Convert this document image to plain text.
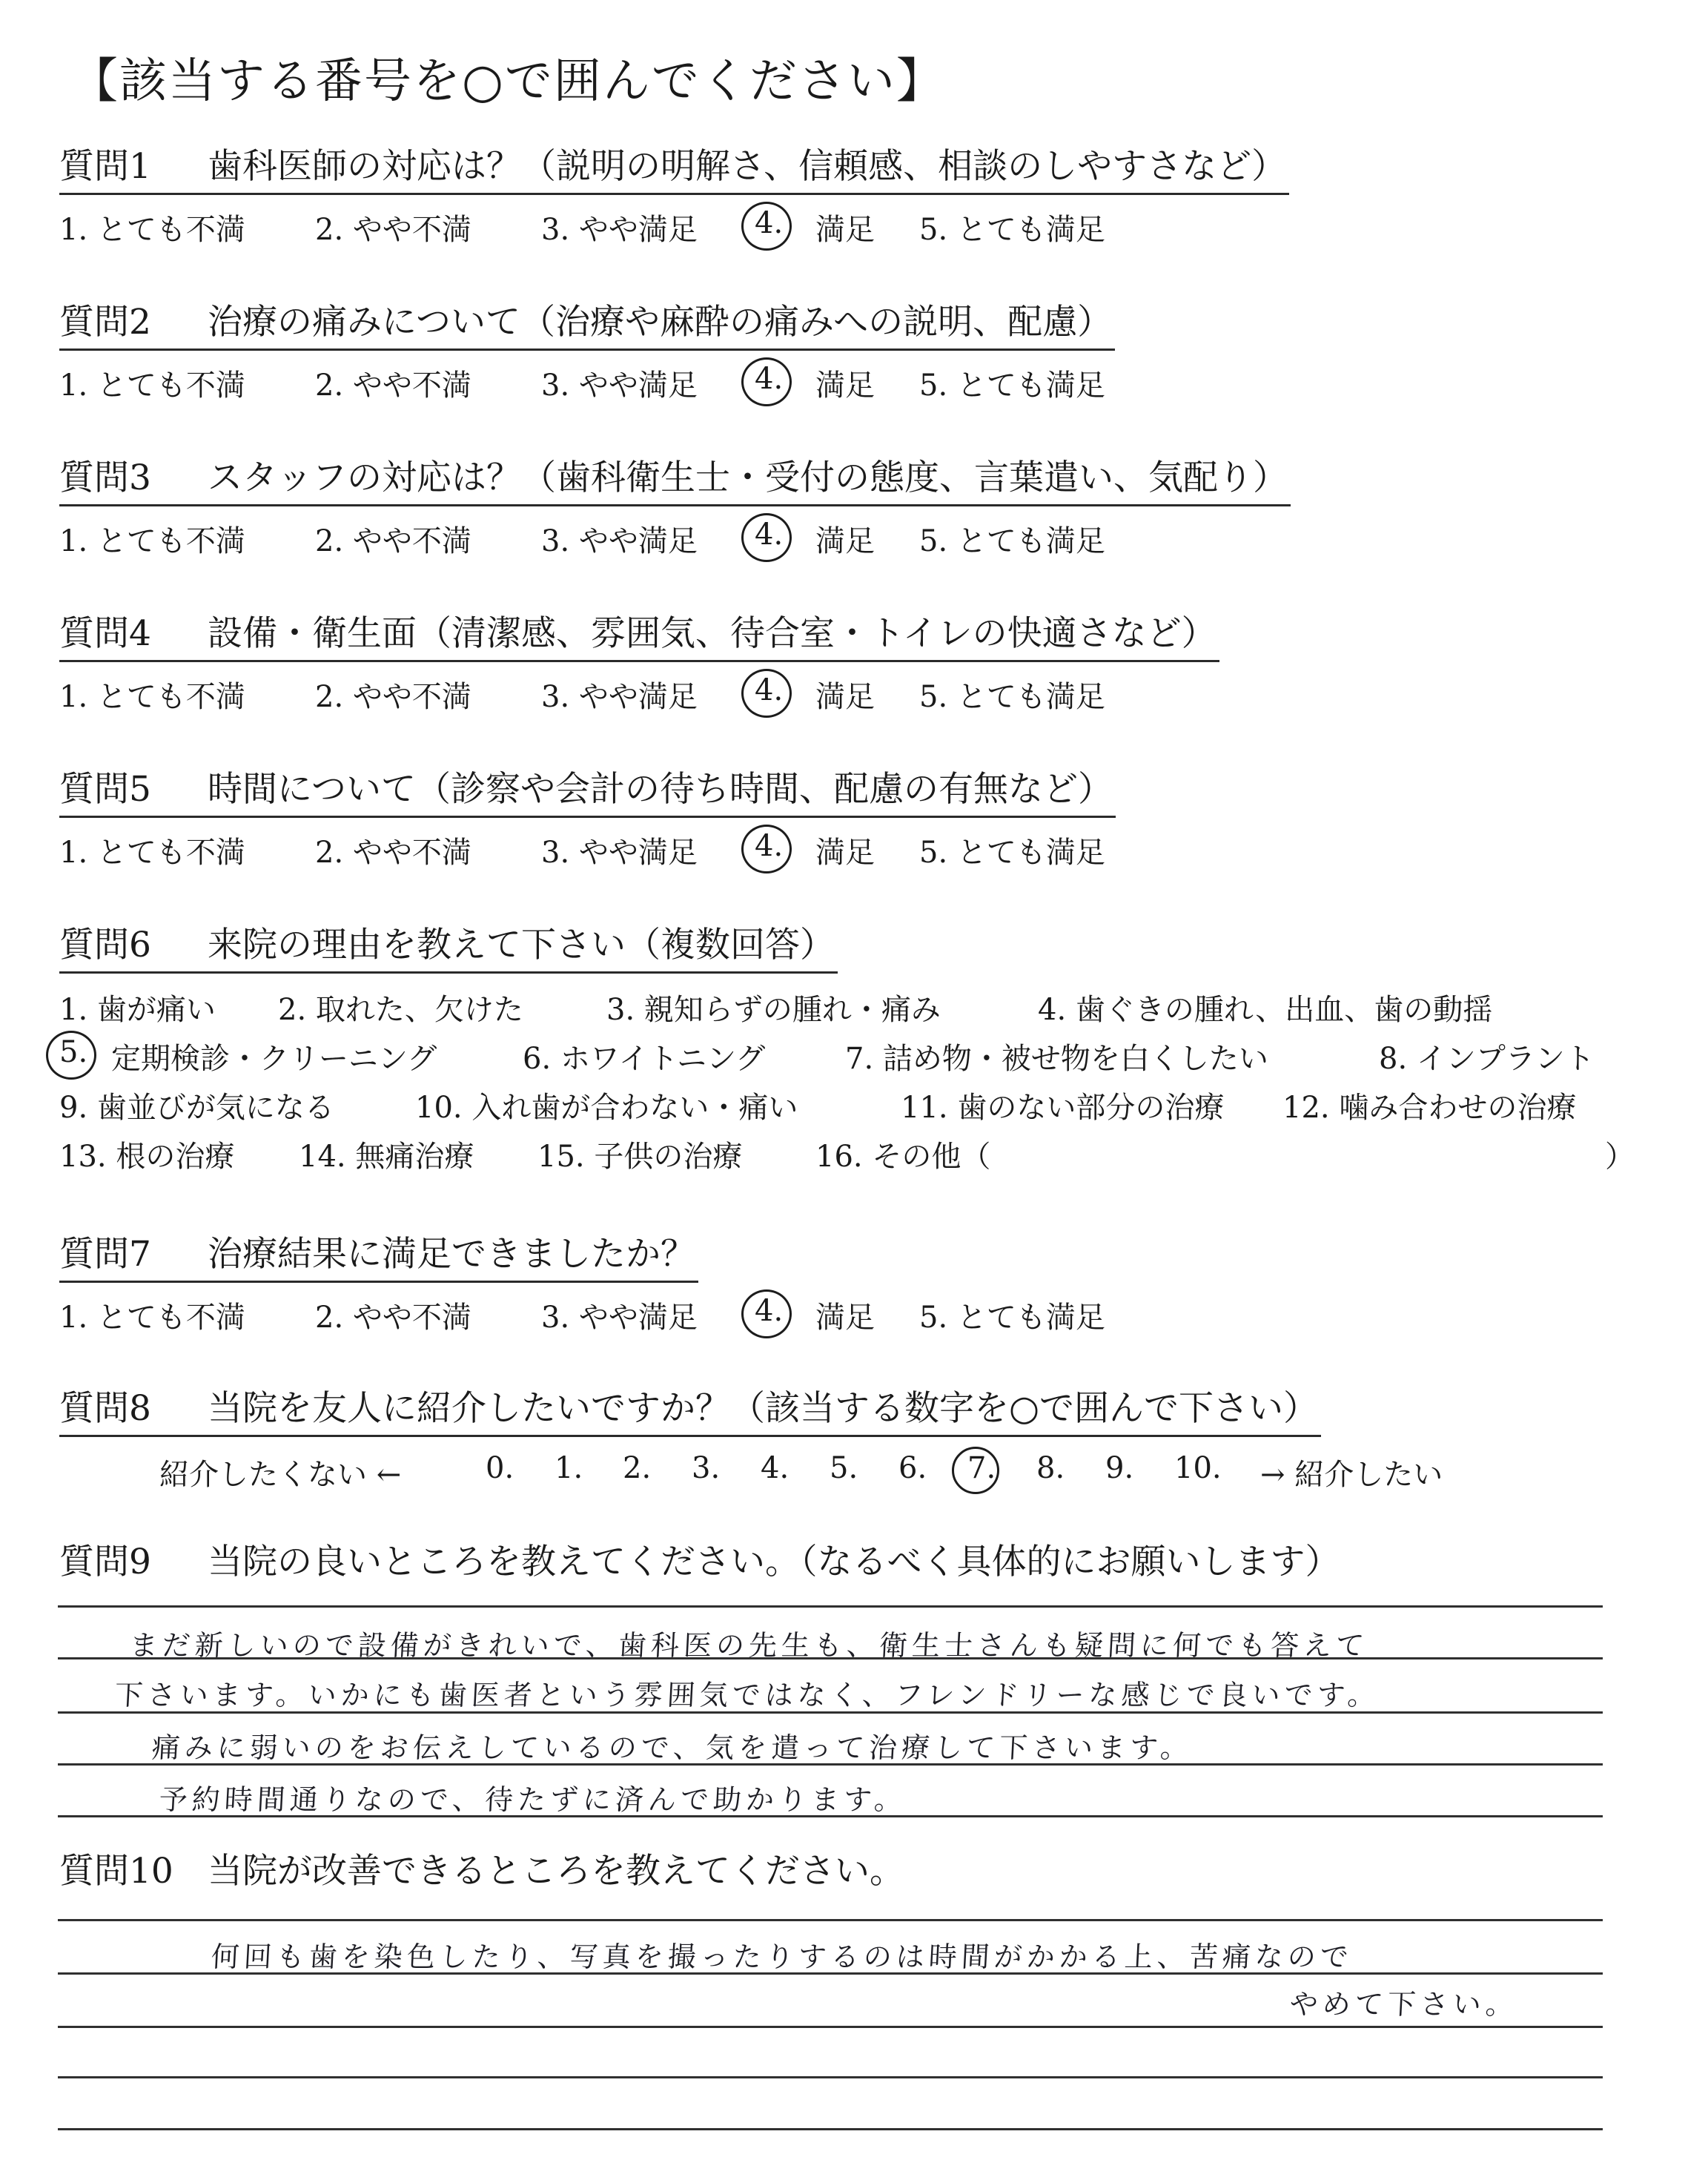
【該当する番号を○で囲んでください】
質問1 歯科医師の対応は？（説明の明解さ、信頼感、相談のしやすさなど）
1. とても不満 2. やや不満 3. やや満足 4. 満足 5. とても満足
質問2 治療の痛みについて（治療や麻酔の痛みへの説明、配慮）
1. とても不満 2. やや不満 3. やや満足 4. 満足 5. とても満足
質問3 スタッフの対応は？（歯科衛生士・受付の態度、言葉遣い、気配り）
1. とても不満 2. やや不満 3. やや満足 4. 満足 5. とても満足
質問4 設備・衛生面（清潔感、雰囲気、待合室・トイレの快適さなど）
1. とても不満 2. やや不満 3. やや満足 4. 満足 5. とても満足
質問5 時間について（診察や会計の待ち時間、配慮の有無など）
1. とても不満 2. やや不満 3. やや満足 4. 満足 5. とても満足
質問6 来院の理由を教えて下さい（複数回答）
1. 歯が痛い 2. 取れた、欠けた	3. 親知らずの腫れ・痛み	4. 歯ぐきの腫れ、出血、歯の動揺
5. 定期検診・クリーニング	6. ホワイトニング	7. 詰め物・被せ物を白くしたい	8. インプラント
9. 歯並びが気になる	10. 入れ歯が合わない・痛い	11. 歯のない部分の治療 12. 噛み合わせの治療
13. 根の治療 14. 無痛治療 15. 子供の治療 16. その他（	）
質問7 治療結果に満足できましたか？
1. とても不満 2. やや不満 3. やや満足 4. 満足 5. とても満足
質問8 当院を友人に紹介したいですか？（該当する数字を○で囲んで下さい）
紹介したくない ←	0. 1. 2. 3. 4. 5. 6. 7. 8. 9. 10. → 紹介したい
質問9 当院の良いところを教えてください。（なるべく具体的にお願いします）
まだ新しいので設備がきれいで、歯科医の先生も、衛生士さんも疑問に何でも答えて
下さいます。いかにも歯医者という雰囲気ではなく、フレンドリーな感じで良いです。
痛みに弱いのをお伝えしているので、気を遣って治療して下さいます。
予約時間通りなので、待たずに済んで助かります。
質問10 当院が改善できるところを教えてください。
何回も歯を染色したり、写真を撮ったりするのは時間がかかる上、苦痛なので
やめて下さい。
